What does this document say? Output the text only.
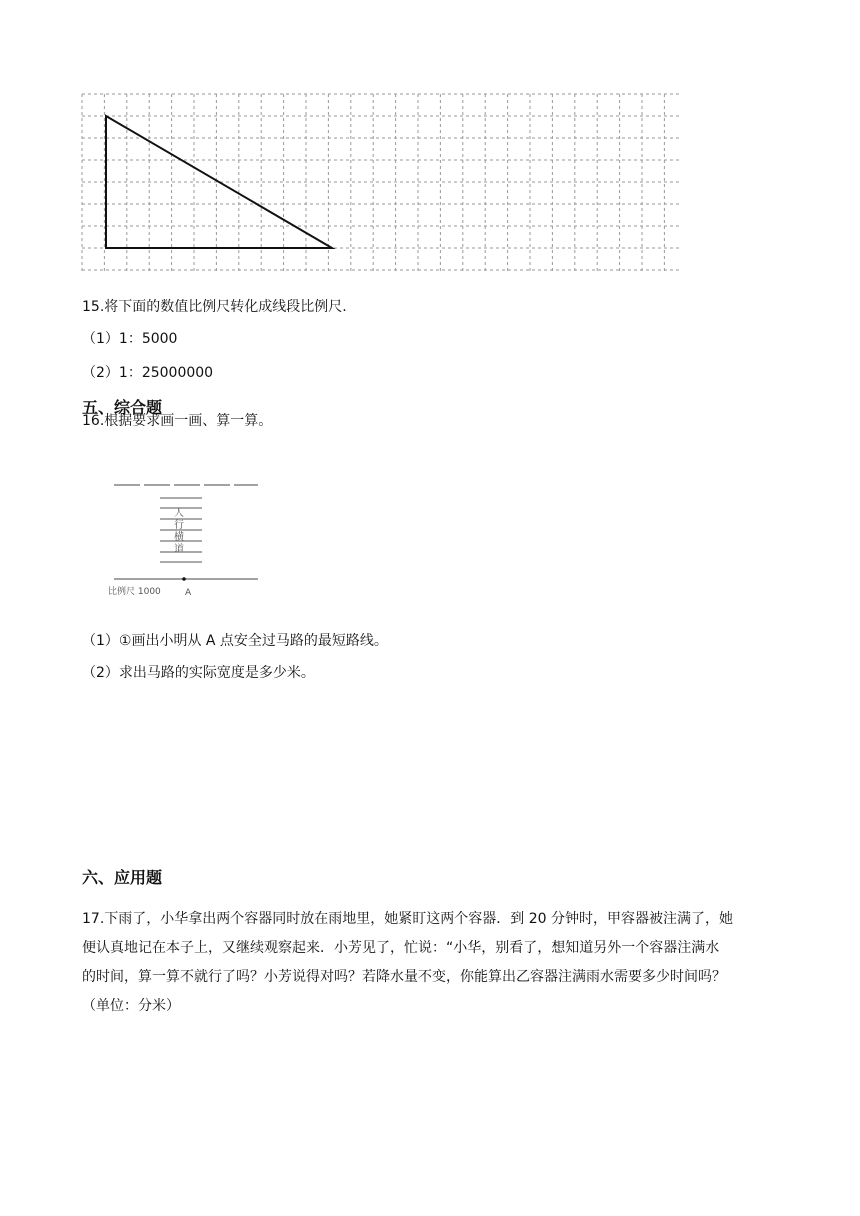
15.将下面的数值比例尺转化成线段比例尺.
（1）1：5000
（2）1：25000000
五、综合题
16.根据要求画一画、算一算。
人
行
横
道
比例尺 1000	A
（1）①画出小明从 A 点安全过马路的最短路线。
（2）求出马路的实际宽度是多少米。
六、应用题
17.下雨了，小华拿出两个容器同时放在雨地里，她紧盯这两个容器．到 20 分钟时，甲容器被注满了，她
便认真地记在本子上，又继续观察起来．小芳见了，忙说：“小华，别看了，想知道另外一个容器注满水
的时间，算一算不就行了吗？小芳说得对吗？若降水量不变，你能算出乙容器注满雨水需要多少时间吗？
（单位：分米）
